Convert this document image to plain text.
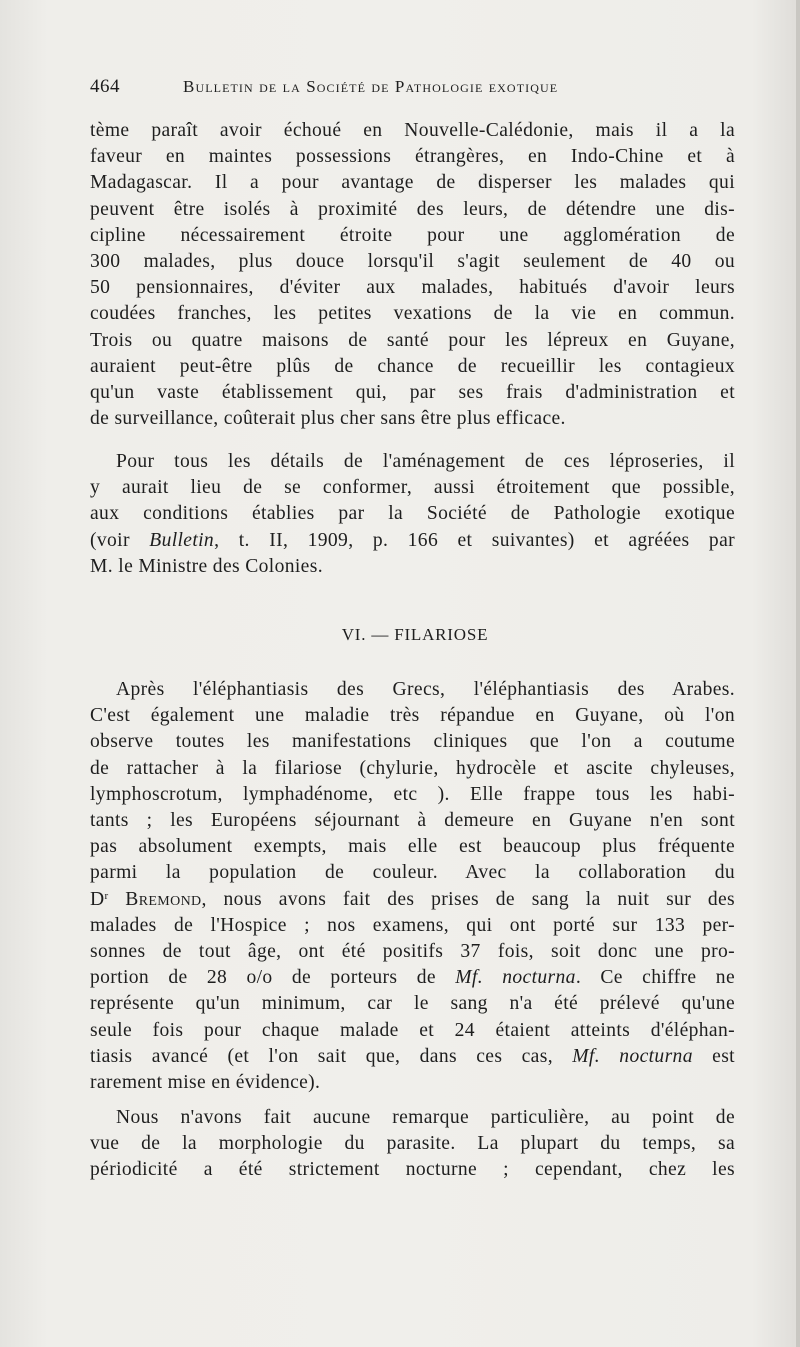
464	Bulletin de la Société de Pathologie exotique
tème paraît avoir échoué en Nouvelle-Calédonie, mais il a la
faveur en maintes possessions étrangères, en Indo-Chine et à
Madagascar. Il a pour avantage de disperser les malades qui
peuvent être isolés à proximité des leurs, de détendre une dis-
cipline nécessairement étroite pour une agglomération de
300 malades, plus douce lorsqu'il s'agit seulement de 40 ou
50 pensionnaires, d'éviter aux malades, habitués d'avoir leurs
coudées franches, les petites vexations de la vie en commun.
Trois ou quatre maisons de santé pour les lépreux en Guyane,
auraient peut-être plûs de chance de recueillir les contagieux
qu'un vaste établissement qui, par ses frais d'administration et
de surveillance, coûterait plus cher sans être plus efficace.
Pour tous les détails de l'aménagement de ces léproseries, il
y aurait lieu de se conformer, aussi étroitement que possible,
aux conditions établies par la Société de Pathologie exotique
(voir Bulletin, t. II, 1909, p. 166 et suivantes) et agréées par
M. le Ministre des Colonies.
VI. — FILARIOSE
Après l'éléphantiasis des Grecs, l'éléphantiasis des Arabes.
C'est également une maladie très répandue en Guyane, où l'on
observe toutes les manifestations cliniques que l'on a coutume
de rattacher à la filariose (chylurie, hydrocèle et ascite chyleuses,
lymphoscrotum, lymphadénome, etc ). Elle frappe tous les habi-
tants ; les Européens séjournant à demeure en Guyane n'en sont
pas absolument exempts, mais elle est beaucoup plus fréquente
parmi la population de couleur. Avec la collaboration du
$D^r$ Bremond, nous avons fait des prises de sang la nuit sur des
malades de l'Hospice ; nos examens, qui ont porté sur 133 per-
sonnes de tout âge, ont été positifs 37 fois, soit donc une pro-
portion de 28 o/o de porteurs de Mf. nocturna. Ce chiffre ne
représente qu'un minimum, car le sang n'a été prélevé qu'une
seule fois pour chaque malade et 24 étaient atteints d'éléphan-
tiasis avancé (et l'on sait que, dans ces cas, Mf. nocturna est
rarement mise en évidence).
Nous n'avons fait aucune remarque particulière, au point de
vue de la morphologie du parasite. La plupart du temps, sa
périodicité a été strictement nocturne ; cependant, chez les
